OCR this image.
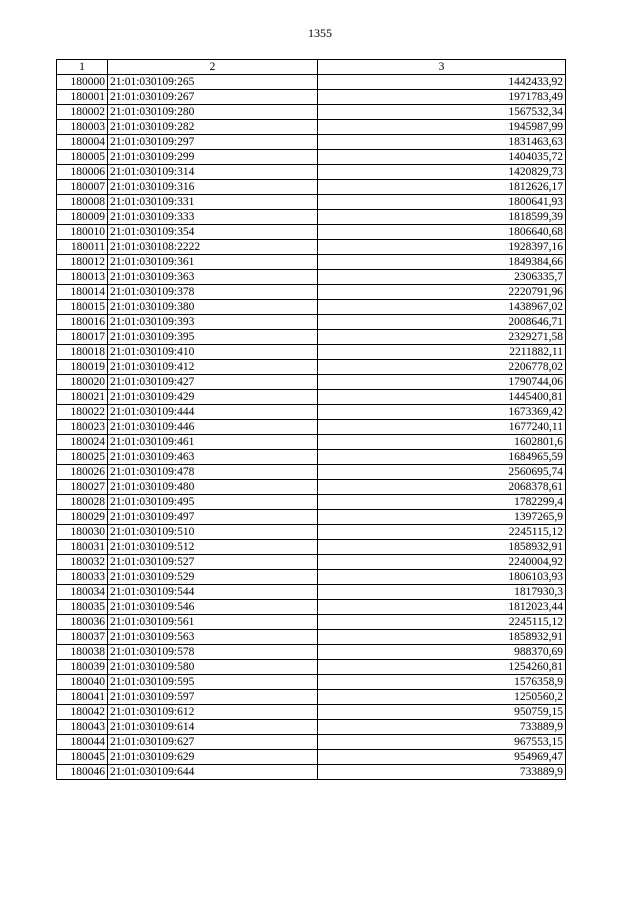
1355
1	2	3
180000	21:01:030109:265	1442433,92
180001	21:01:030109:267	1971783,49
180002	21:01:030109:280	1567532,34
180003	21:01:030109:282	1945987,99
180004	21:01:030109:297	1831463,63
180005	21:01:030109:299	1404035,72
180006	21:01:030109:314	1420829,73
180007	21:01:030109:316	1812626,17
180008	21:01:030109:331	1800641,93
180009	21:01:030109:333	1818599,39
180010	21:01:030109:354	1806640,68
180011	21:01:030108:2222	1928397,16
180012	21:01:030109:361	1849384,66
180013	21:01:030109:363	2306335,7
180014	21:01:030109:378	2220791,96
180015	21:01:030109:380	1438967,02
180016	21:01:030109:393	2008646,71
180017	21:01:030109:395	2329271,58
180018	21:01:030109:410	2211882,11
180019	21:01:030109:412	2206778,02
180020	21:01:030109:427	1790744,06
180021	21:01:030109:429	1445400,81
180022	21:01:030109:444	1673369,42
180023	21:01:030109:446	1677240,11
180024	21:01:030109:461	1602801,6
180025	21:01:030109:463	1684965,59
180026	21:01:030109:478	2560695,74
180027	21:01:030109:480	2068378,61
180028	21:01:030109:495	1782299,4
180029	21:01:030109:497	1397265,9
180030	21:01:030109:510	2245115,12
180031	21:01:030109:512	1858932,91
180032	21:01:030109:527	2240004,92
180033	21:01:030109:529	1806103,93
180034	21:01:030109:544	1817930,3
180035	21:01:030109:546	1812023,44
180036	21:01:030109:561	2245115,12
180037	21:01:030109:563	1858932,91
180038	21:01:030109:578	988370,69
180039	21:01:030109:580	1254260,81
180040	21:01:030109:595	1576358,9
180041	21:01:030109:597	1250560,2
180042	21:01:030109:612	950759,15
180043	21:01:030109:614	733889,9
180044	21:01:030109:627	967553,15
180045	21:01:030109:629	954969,47
180046	21:01:030109:644	733889,9
